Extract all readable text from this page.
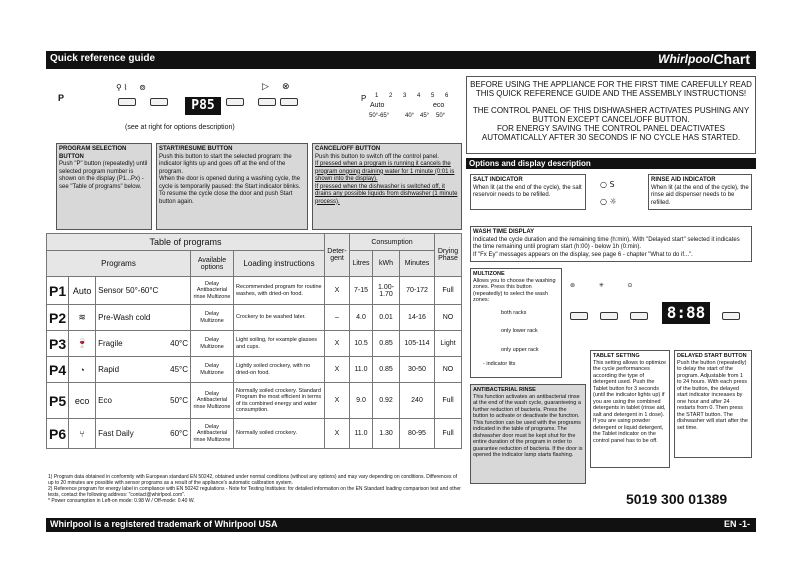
Quick reference guide	Whirlpool Chart
P
⚲ ⌇ ⊚
P85
▷ ⊗
(see at right for options description)
P 1 2 3 4 5 6
Auto
50°-65°	40° 45° 50°
eco
PROGRAM SELECTION BUTTON
Push "P" button (repeatedly) until selected program number is shown on the display (P1...Px) - see "Table of programs" below.
START/RESUME BUTTON
Push this button to start the selected program: the indicator lights up and goes off at the end of the program.
When the door is opened during a washing cycle, the cycle is temporarily paused: the Start indicator blinks. To resume the cycle close the door and push Start button again.
CANCEL/OFF BUTTON
Push this button to switch off the control panel.
If pressed when a program is running it cancels the program ongoing draining water for 1 minute (0:01 is shown into the display).
If pressed when the dishwasher is switched off, it drains any possible liquids from dishwasher (1 minute process).
BEFORE USING THE APPLIANCE FOR THE FIRST TIME CAREFULLY READ THIS QUICK REFERENCE GUIDE AND THE ASSEMBLY INSTRUCTIONS!
THE CONTROL PANEL OF THIS DISHWASHER ACTIVATES PUSHING ANY BUTTON EXCEPT CANCEL/OFF BUTTON.
FOR ENERGY SAVING THE CONTROL PANEL DEACTIVATES AUTOMATICALLY AFTER 30 SECONDS IF NO CYCLE HAS STARTED.
Options and display description
SALT INDICATOR
When lit (at the end of the cycle), the salt reservoir needs to be refilled.
○ S
○ ☼
RINSE AID INDICATOR
When lit (at the end of the cycle), the rinse aid dispenser needs to be refilled.
WASH TIME DISPLAY
Indicated the cycle duration and the remaining time (h:min). With "Delayed start" selected it indicates the time remaining until program start (h:00) - below 1h (0:min).
If "Fx Ey" messages appears on the display, see page 6 - chapter "What to do if...".
MULTIZONE
Allows you to choose the washing zones. Press this button (repeatedly) to select the wash zones:
both racks
only lower rack
only upper rack
- indicator lits
⊚	✳	⊙
8:88
TABLET SETTING
This setting allows to optimize the cycle performances according the type of detergent used. Push the Tablet button for 3 seconds (until the indicator lights up) if you are using the combined detergents in tablet (rinse aid, salt and detergent in 1 dose). If you are using powder detergent or liquid detergent, the Tablet indicator on the control panel has to be off.
DELAYED START BUTTON
Push the button (repeatedly) to delay the start of the program. Adjustable from 1 to 24 hours. With each press of the button, the delayed start indicator increases by one hour and after 24 restarts from 0. Then press the START button. The dishwasher will start after the set time.
ANTIBACTERIAL RINSE
This function activates an antibacterial rinse at the end of the wash cycle, guaranteeing a further reduction of bacteria. Press the button to activate or deactivate the function. This function can be used with the programs indicated in the table of programs. The dishwasher door must be kept shut for the entire duration of the program in order to guarantee reduction of bacteria. If the door is opened the indicator lamp starts flashing.
5019 300 01389
Table of programs					Deter-gent	Consumption			Drying Phase
Programs			Available options	Loading instructions		Litres	kWh	Minutes	
P1	Auto	Sensor 50°-60°C	Delay Antibacterial rinse Multizone	Recommended program for routine washes, with dried-on food.	X	7-15	1.00-1.70	70-172	Full
P2	≋	Pre-Wash cold	Delay Multizone	Crockery to be washed later.	–	4.0	0.01	14-16	NO
P3	🍷	Fragile 40°C	Delay Multizone	Light soiling, for example glasses and cups.	X	10.5	0.85	105-114	Light
P4	◔	Rapid 45°C	Delay Multizone	Lightly soiled crockery, with no dried-on food.	X	11.0	0.85	30-50	NO
P5	eco	Eco 50°C	Delay Antibacterial rinse Multizone	Normally soiled crockery. Standard Program the most efficient in terms of its combined energy and water consumption.	X	9.0	0.92	240	Full
P6	⑂	Fast Daily 60°C	Delay Antibacterial rinse Multizone	Normally soiled crockery.	X	11.0	1.30	80-95	Full
1) Program data obtained in conformity with European standard EN 50242, obtained under normal conditions (without any options) and may vary depending on conditions. Differences of up to 20 minutes are possible with sensor programs as a result of the appliance's automatic calibration system.
2) Reference program for energy label in compliance with EN 50242 regulations - Note for Testing Institutes: for detailed information on the EN Standard loading comparison test and other tests, contact the following address: "contact@whirlpool.com".
* Power consumption in Left-on mode: 0.98 W / Off-mode: 0.40 W.
Whirlpool is a registered trademark of Whirlpool USA	EN -1-
